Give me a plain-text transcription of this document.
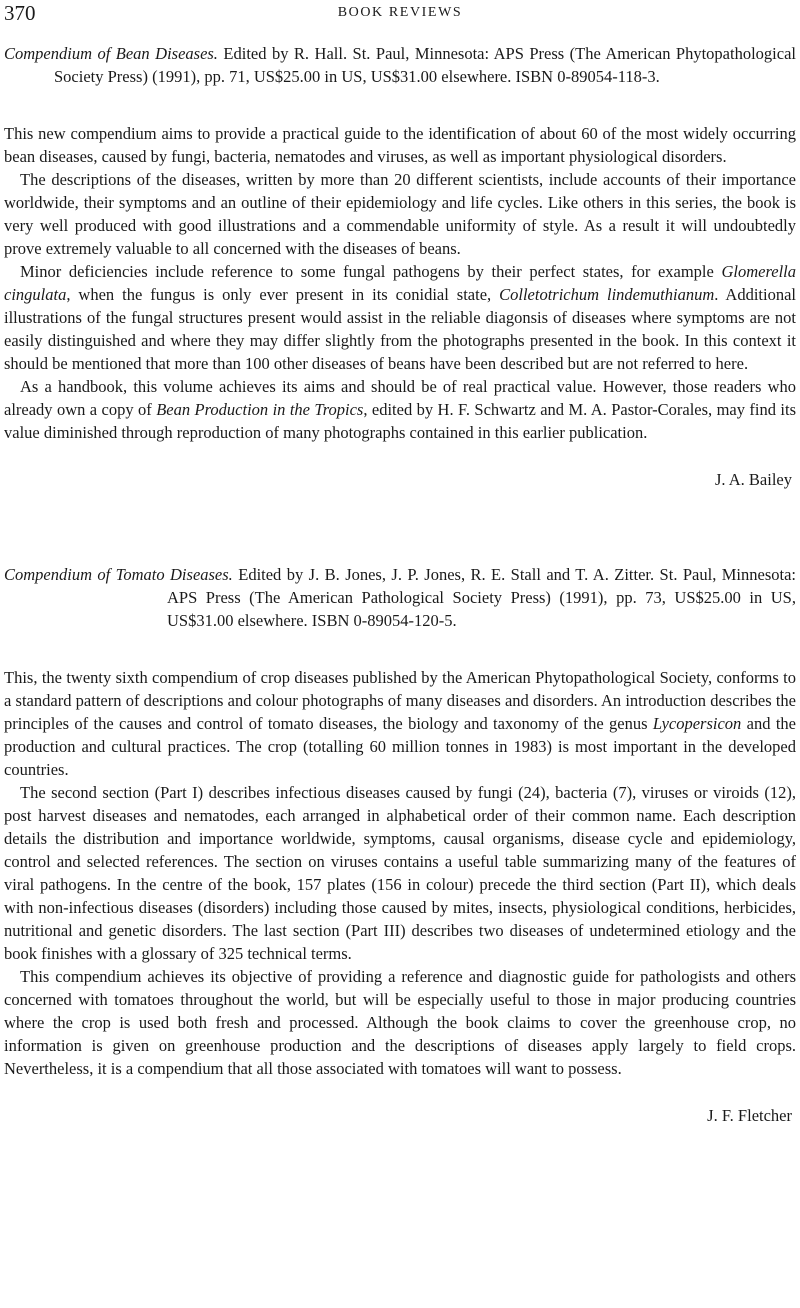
370	BOOK REVIEWS

Compendium of Bean Diseases. Edited by R. Hall. St. Paul, Minnesota: APS Press (The American Phytopathological Society Press) (1991), pp. 71, US$25.00 in US, US$31.00 elsewhere. ISBN 0-89054-118-3.

This new compendium aims to provide a practical guide to the identification of about 60 of the most widely occurring bean diseases, caused by fungi, bacteria, nematodes and viruses, as well as important physiological disorders.

The descriptions of the diseases, written by more than 20 different scientists, include accounts of their importance worldwide, their symptoms and an outline of their epidemiology and life cycles. Like others in this series, the book is very well produced with good illustrations and a commendable uniformity of style. As a result it will undoubtedly prove extremely valuable to all concerned with the diseases of beans.

Minor deficiencies include reference to some fungal pathogens by their perfect states, for example Glomerella cingulata, when the fungus is only ever present in its conidial state, Colletotrichum lindemuthianum. Additional illustrations of the fungal structures present would assist in the reliable diagonsis of diseases where symptoms are not easily distinguished and where they may differ slightly from the photographs presented in the book. In this context it should be mentioned that more than 100 other diseases of beans have been described but are not referred to here.

As a handbook, this volume achieves its aims and should be of real practical value. However, those readers who already own a copy of Bean Production in the Tropics, edited by H. F. Schwartz and M. A. Pastor-Corales, may find its value diminished through reproduction of many photographs contained in this earlier publication.

J. A. Bailey

Compendium of Tomato Diseases. Edited by J. B. Jones, J. P. Jones, R. E. Stall and T. A. Zitter. St. Paul, Minnesota: APS Press (The American Pathological Society Press) (1991), pp. 73, US$25.00 in US, US$31.00 elsewhere. ISBN 0-89054-120-5.

This, the twenty sixth compendium of crop diseases published by the American Phytopathological Society, conforms to a standard pattern of descriptions and colour photographs of many diseases and disorders. An introduction describes the principles of the causes and control of tomato diseases, the biology and taxonomy of the genus Lycopersicon and the production and cultural practices. The crop (totalling 60 million tonnes in 1983) is most important in the developed countries.

The second section (Part I) describes infectious diseases caused by fungi (24), bacteria (7), viruses or viroids (12), post harvest diseases and nematodes, each arranged in alphabetical order of their common name. Each description details the distribution and importance worldwide, symptoms, causal organisms, disease cycle and epidemiology, control and selected references. The section on viruses contains a useful table summarizing many of the features of viral pathogens. In the centre of the book, 157 plates (156 in colour) precede the third section (Part II), which deals with non-infectious diseases (disorders) including those caused by mites, insects, physiological conditions, herbicides, nutritional and genetic disorders. The last section (Part III) describes two diseases of undetermined etiology and the book finishes with a glossary of 325 technical terms.

This compendium achieves its objective of providing a reference and diagnostic guide for pathologists and others concerned with tomatoes throughout the world, but will be especially useful to those in major producing countries where the crop is used both fresh and processed. Although the book claims to cover the greenhouse crop, no information is given on greenhouse production and the descriptions of diseases apply largely to field crops. Nevertheless, it is a compendium that all those associated with tomatoes will want to possess.

J. F. Fletcher
